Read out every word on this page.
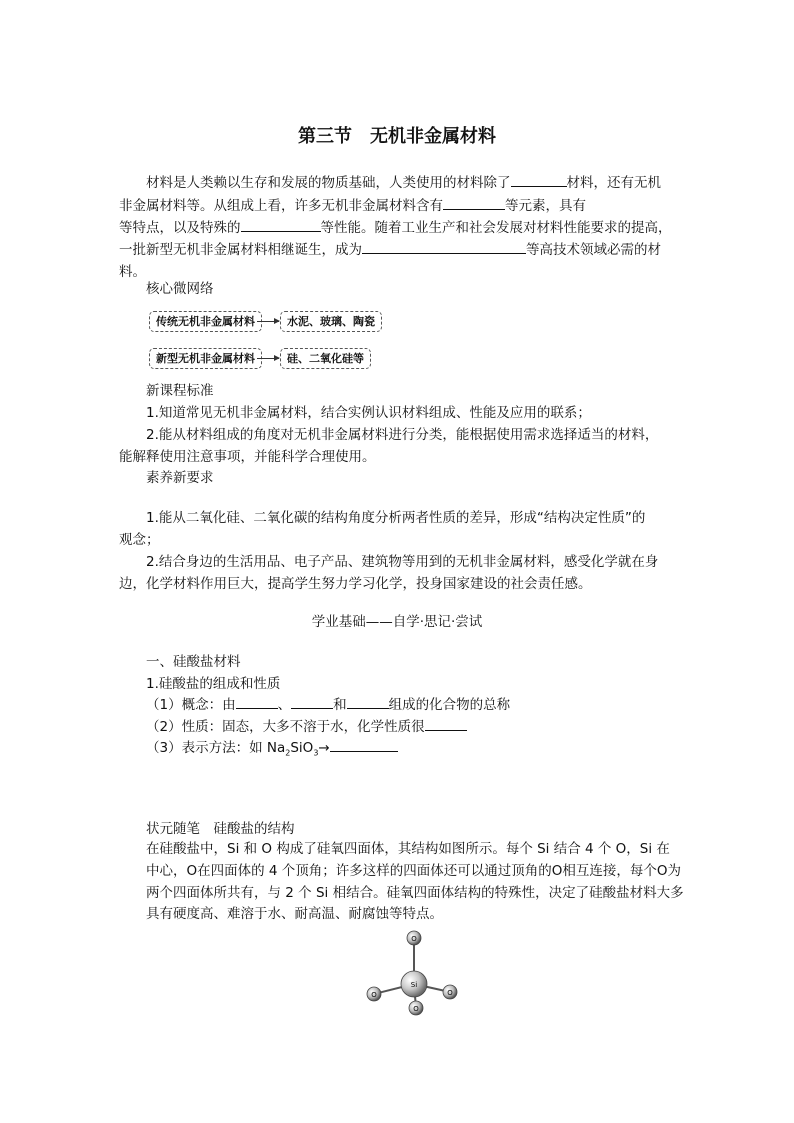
第三节　无机非金属材料
材料是人类赖以生存和发展的物质基础，人类使用的材料除了	材料，还有无机
非金属材料等。从组成上看，许多无机非金属材料含有	等元素，具有
等特点，以及特殊的	等性能。随着工业生产和社会发展对材料性能要求的提高，
一批新型无机非金属材料相继诞生，成为	等高技术领域必需的材
料。
核心微网络
传统无机非金属材料	水泥、玻璃、陶瓷
新型无机非金属材料	硅、二氧化硅等
新课程标准
1.知道常见无机非金属材料，结合实例认识材料组成、性能及应用的联系；
2.能从材料组成的角度对无机非金属材料进行分类，能根据使用需求选择适当的材料，
能解释使用注意事项，并能科学合理使用。
素养新要求
1.能从二氧化硅、二氧化碳的结构角度分析两者性质的差异，形成“结构决定性质”的
观念；
2.结合身边的生活用品、电子产品、建筑物等用到的无机非金属材料，感受化学就在身
边，化学材料作用巨大，提高学生努力学习化学，投身国家建设的社会责任感。
学业基础——自学·思记·尝试
一、硅酸盐材料
1.硅酸盐的组成和性质
（1）概念：由	、	和	组成的化合物的总称
（2）性质：固态，大多不溶于水，化学性质很
（3）表示方法：如 $Na_2SiO_3\to$
状元随笔　硅酸盐的结构
在硅酸盐中，Si 和 O 构成了硅氧四面体，其结构如图所示。每个 Si 结合 4 个 O，Si 在
中心，O在四面体的 4 个顶角；许多这样的四面体还可以通过顶角的O相互连接，每个O为
两个四面体所共有，与 2 个 Si 相结合。硅氧四面体结构的特殊性，决定了硅酸盐材料大多
具有硬度高、难溶于水、耐高温、耐腐蚀等特点。
O
O	O
Si
O
